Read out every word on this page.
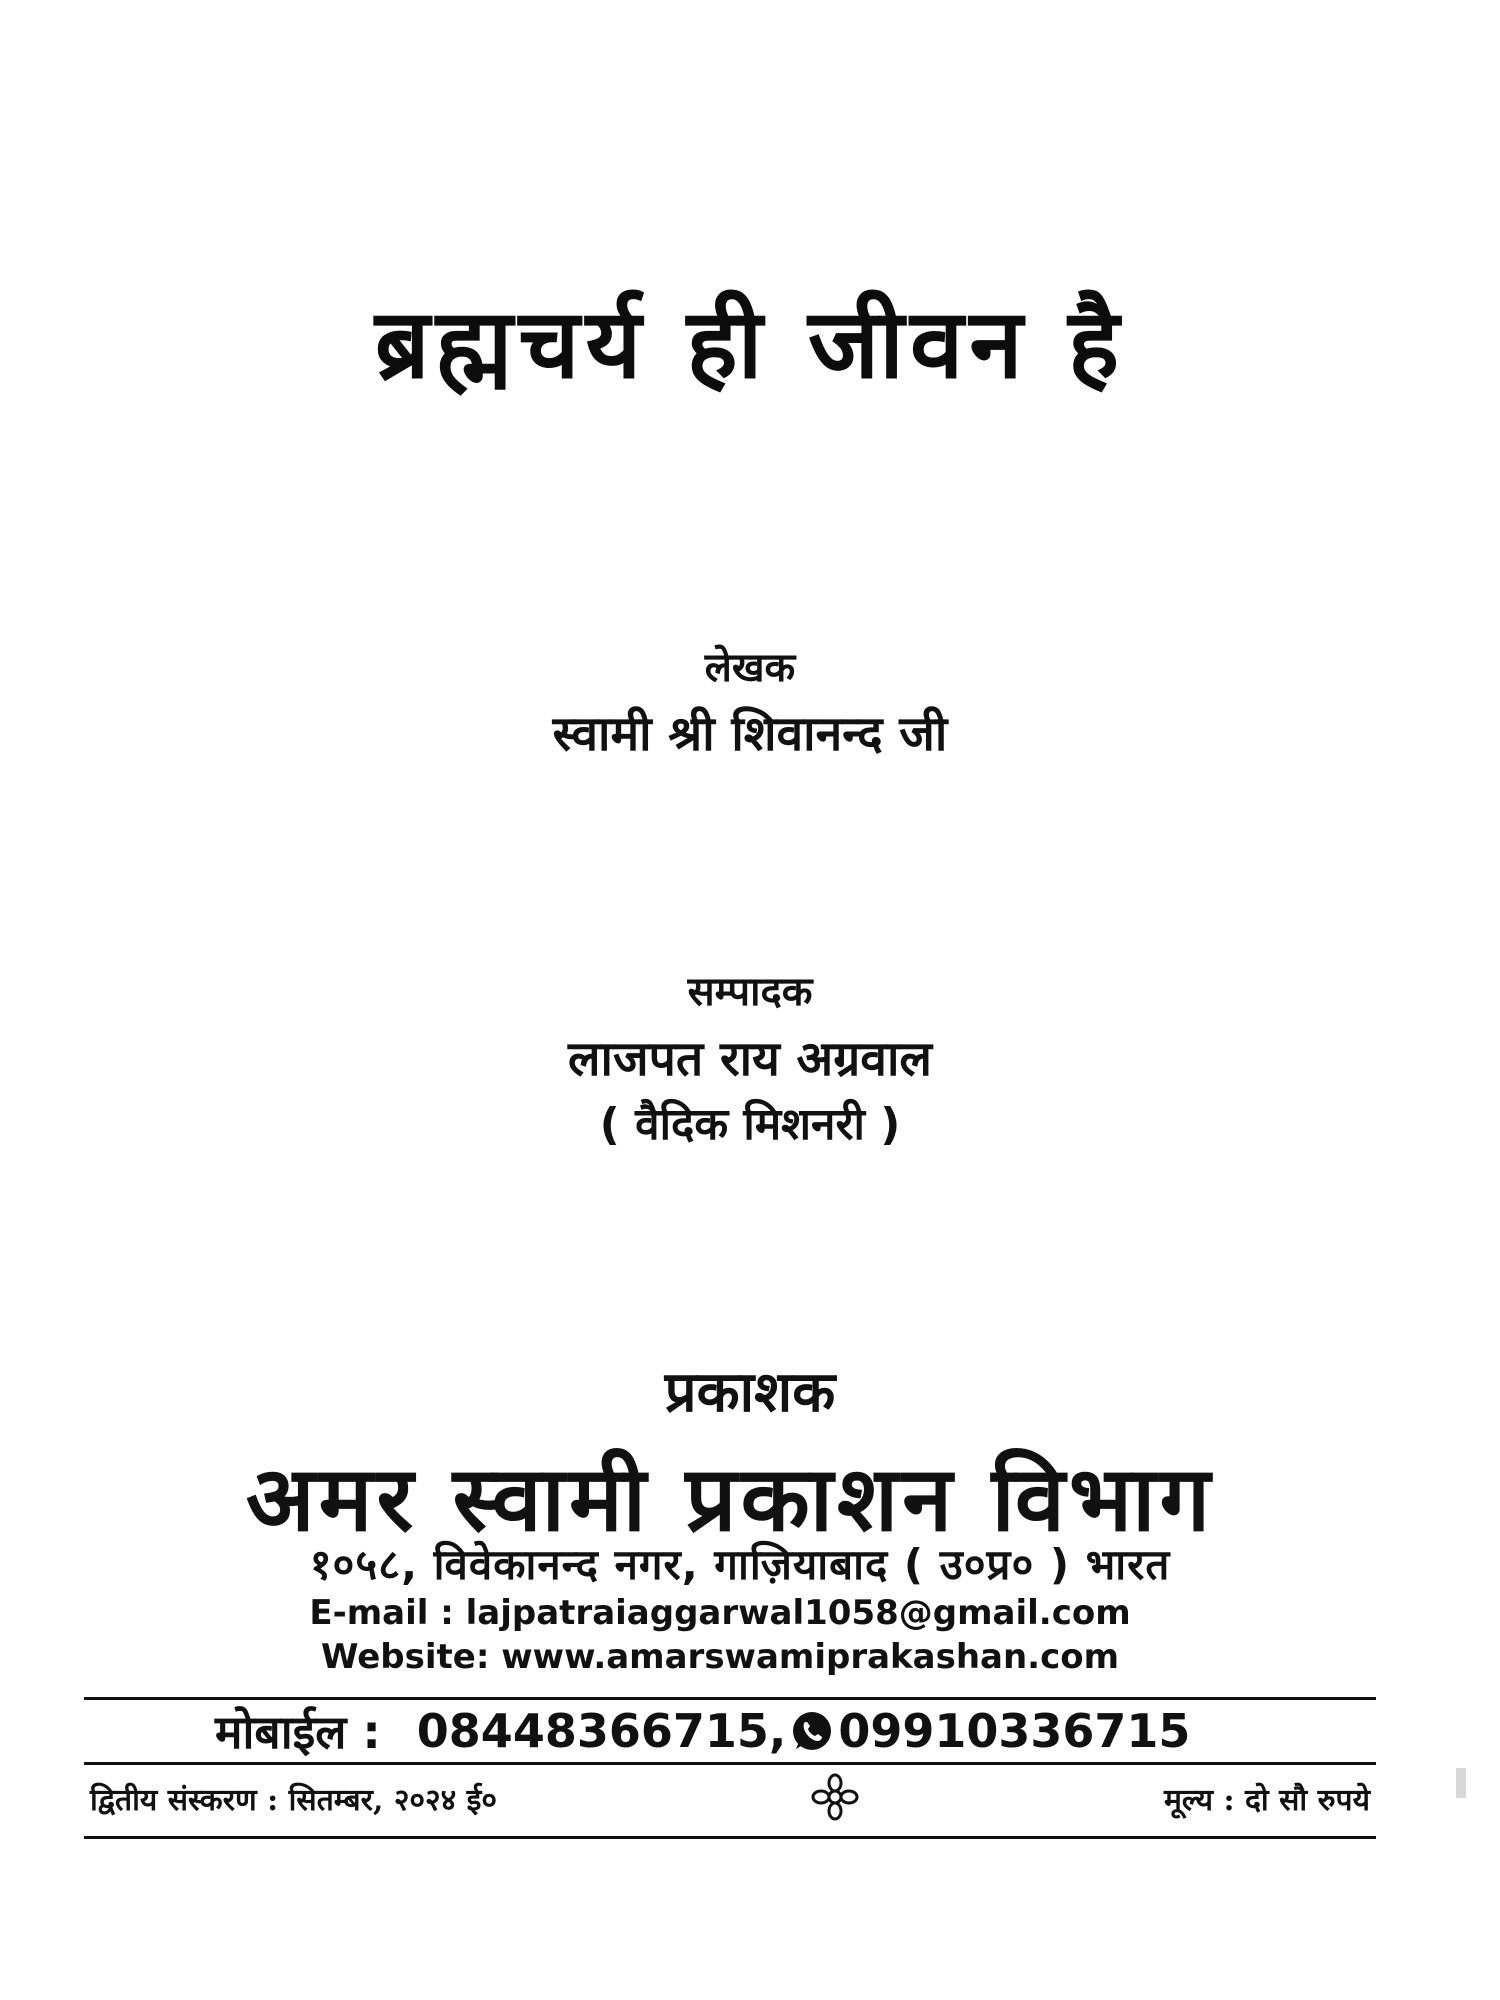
ब्रह्मचर्य ही जीवन है
लेखक
स्वामी श्री शिवानन्द जी
सम्पादक
लाजपत राय अग्रवाल
( वैदिक मिशनरी )
प्रकाशक
अमर स्वामी प्रकाशन विभाग
१०५८, विवेकानन्द नगर, गाज़ियाबाद ( उ०प्र० ) भारत
E-mail : lajpatraiaggarwal1058@gmail.com
Website: www.amarswamiprakashan.com
मोबाईल : 08448366715, 09910336715
द्वितीय संस्करण : सितम्बर, २०२४ ई०	मूल्य : दो सौ रुपये
